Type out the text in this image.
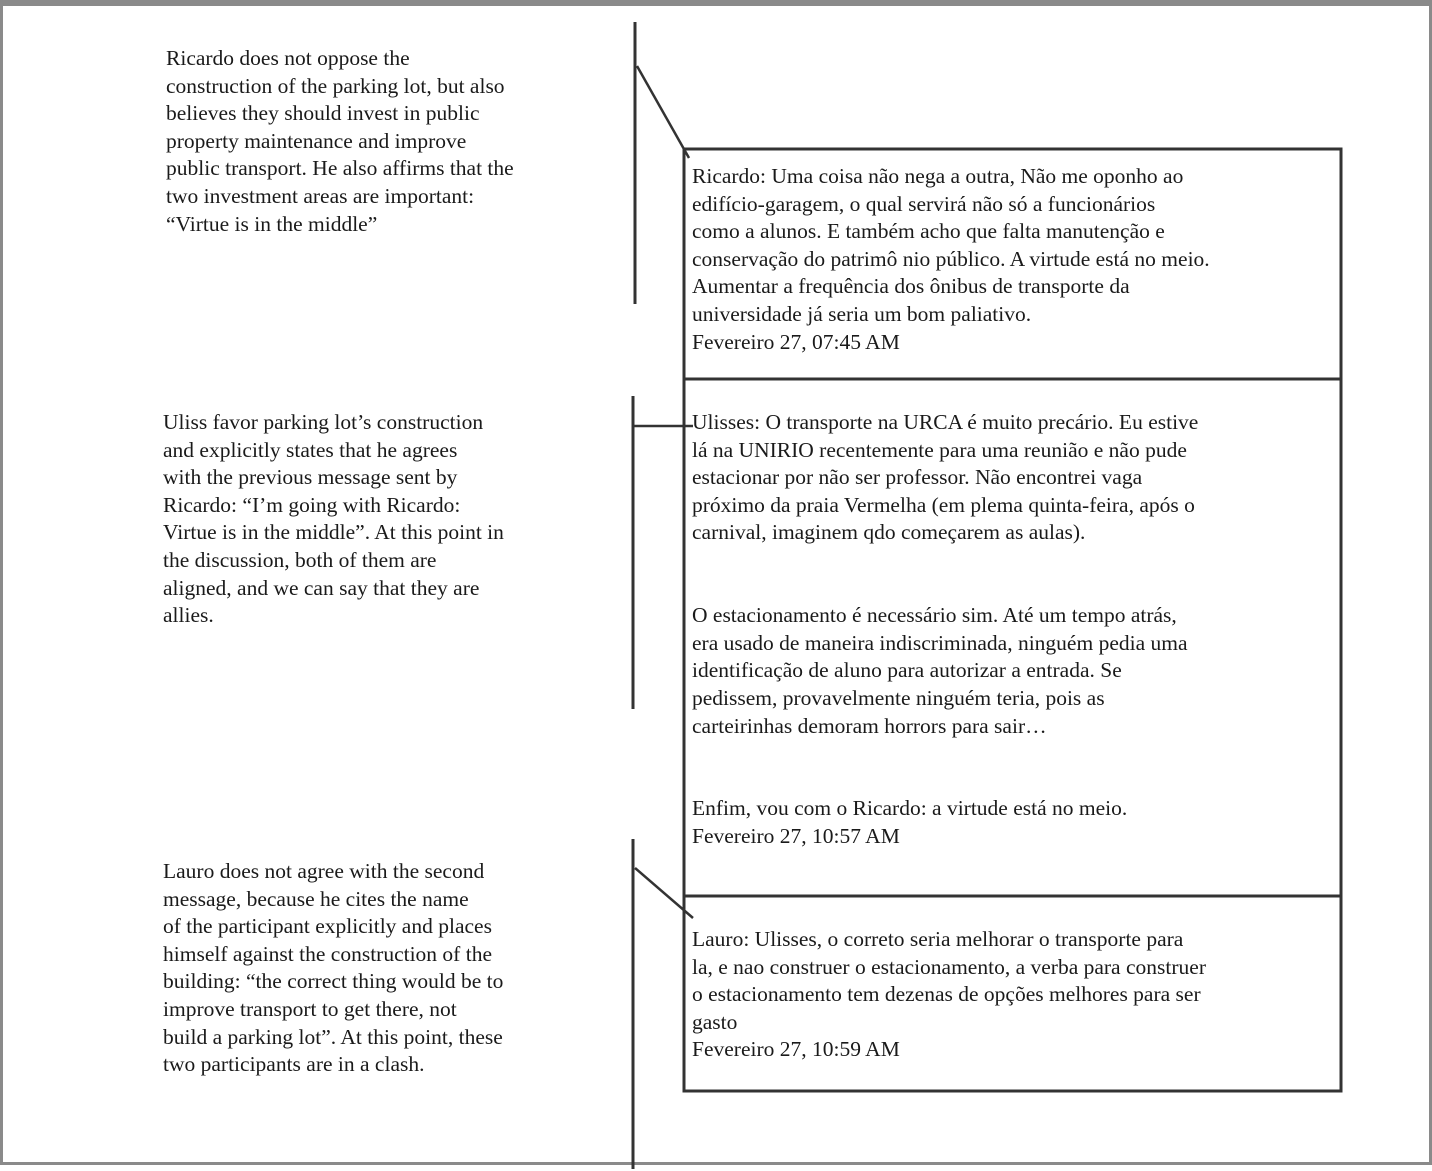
Ricardo does not oppose the
construction of the parking lot, but also
believes they should invest in public
property maintenance and improve
public transport. He also affirms that the
two investment areas are important:
“Virtue is in the middle”
Uliss favor parking lot’s construction
and explicitly states that he agrees
with the previous message sent by
Ricardo: “I’m going with Ricardo:
Virtue is in the middle”. At this point in
the discussion, both of them are
aligned, and we can say that they are
allies.
Lauro does not agree with the second
message, because he cites the name
of the participant explicitly and places
himself against the construction of the
building: “the correct thing would be to
improve transport to get there, not
build a parking lot”. At this point, these
two participants are in a clash.
Ricardo: Uma coisa não nega a outra, Não me oponho ao
edifício-garagem, o qual servirá não só a funcionários
como a alunos. E também acho que falta manutenção e
conservação do patrimô nio público. A virtude está no meio.
Aumentar a frequência dos ônibus de transporte da
universidade já seria um bom paliativo.
Fevereiro 27, 07:45 AM
Ulisses: O transporte na URCA é muito precário. Eu estive
lá na UNIRIO recentemente para uma reunião e não pude
estacionar por não ser professor. Não encontrei vaga
próximo da praia Vermelha (em plema quinta-feira, após o
carnival, imaginem qdo começarem as aulas).
O estacionamento é necessário sim. Até um tempo atrás,
era usado de maneira indiscriminada, ninguém pedia uma
identificação de aluno para autorizar a entrada. Se
pedissem, provavelmente ninguém teria, pois as
carteirinhas demoram horrors para sair…
Enfim, vou com o Ricardo: a virtude está no meio.
Fevereiro 27, 10:57 AM
Lauro: Ulisses, o correto seria melhorar o transporte para
la, e nao construer o estacionamento, a verba para construer
o estacionamento tem dezenas de opções melhores para ser
gasto
Fevereiro 27, 10:59 AM
